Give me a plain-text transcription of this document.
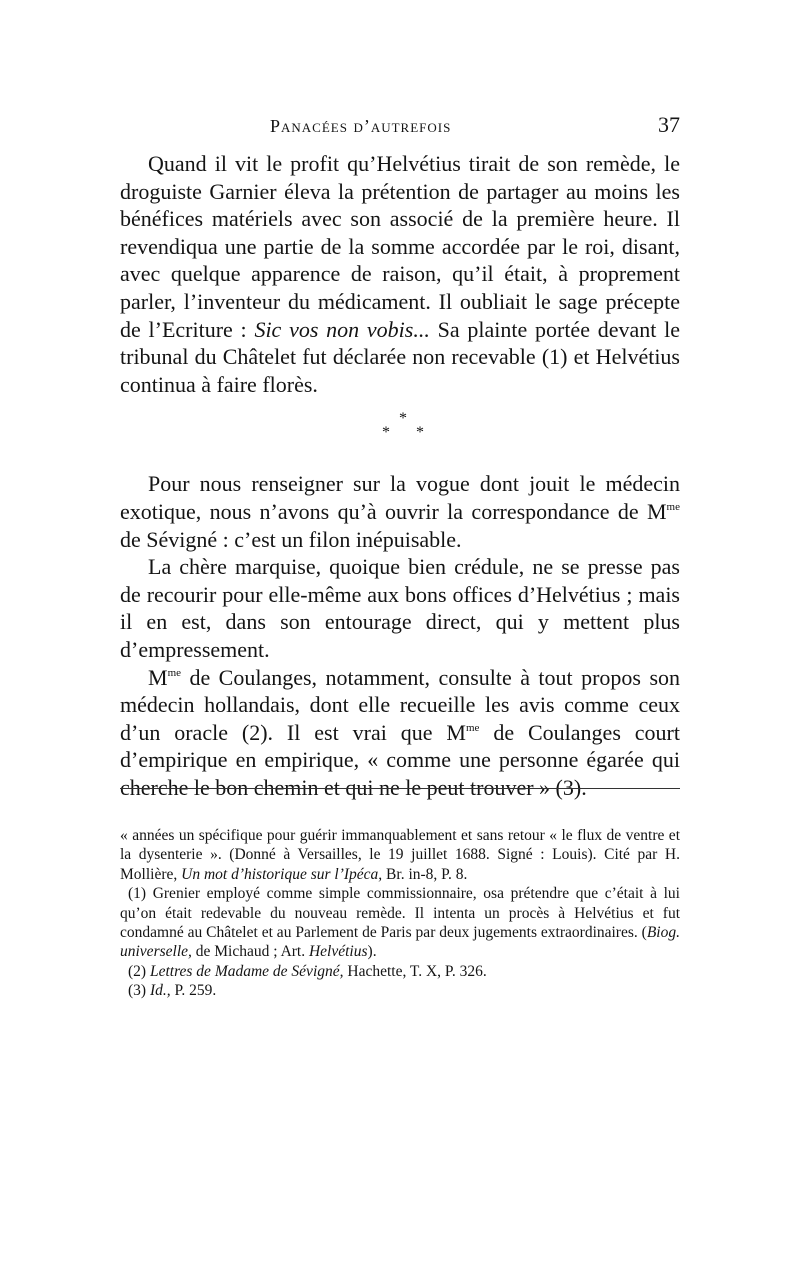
Panacées d’autrefois	37

Quand il vit le profit qu’Helvétius tirait de son remède, le droguiste Garnier éleva la prétention de partager au moins les bénéfices matériels avec son associé de la première heure. Il revendiqua une partie de la somme accordée par le roi, disant, avec quelque apparence de raison, qu’il était, à proprement parler, l’inventeur du médicament. Il oubliait le sage précepte de l’Ecriture : Sic vos non vobis... Sa plainte portée devant le tribunal du Châtelet fut déclarée non recevable (1) et Helvétius continua à faire florès.

*
* *

Pour nous renseigner sur la vogue dont jouit le médecin exotique, nous n’avons qu’à ouvrir la correspondance de $M^{me}$ de Sévigné : c’est un filon inépuisable.

La chère marquise, quoique bien crédule, ne se presse pas de recourir pour elle-même aux bons offices d’Helvétius ; mais il en est, dans son entourage direct, qui y mettent plus d’empressement.

$M^{me}$ de Coulanges, notamment, consulte à tout propos son médecin hollandais, dont elle recueille les avis comme ceux d’un oracle (2). Il est vrai que $M^{me}$ de Coulanges court d’empirique en empirique, « comme une personne égarée qui cherche le bon chemin et qui ne le peut trouver » (3).

« années un spécifique pour guérir immanquablement et sans retour « le flux de ventre et la dysenterie ». (Donné à Versailles, le 19 juillet 1688. Signé : Louis). Cité par H. Mollière, Un mot d’historique sur l’Ipéca, Br. in-8, P. 8.

(1) Grenier employé comme simple commissionnaire, osa prétendre que c’était à lui qu’on était redevable du nouveau remède. Il intenta un procès à Helvétius et fut condamné au Châtelet et au Parlement de Paris par deux jugements extraordinaires. (Biog. universelle, de Michaud ; Art. Helvétius).

(2) Lettres de Madame de Sévigné, Hachette, T. X, P. 326.

(3) Id., P. 259.
